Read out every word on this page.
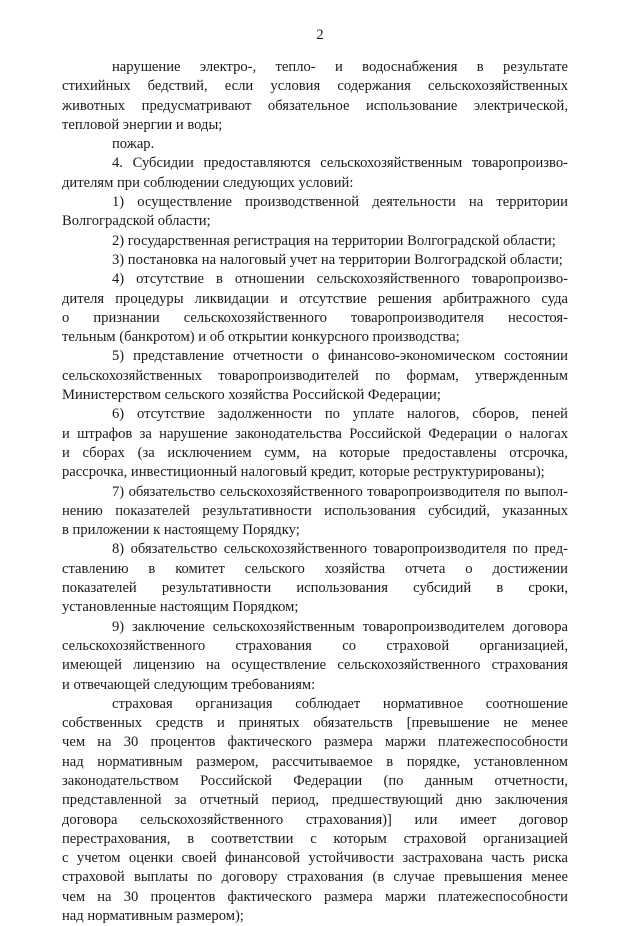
2
нарушение электро-, тепло- и водоснабжения в результате
стихийных бедствий, если условия содержания сельскохозяйственных
животных предусматривают обязательное использование электрической,
тепловой энергии и воды;
пожар.
4. Субсидии предоставляются сельскохозяйственным товаропроизво-
дителям при соблюдении следующих условий:
1) осуществление производственной деятельности на территории
Волгоградской области;
2) государственная регистрация на территории Волгоградской области;
3) постановка на налоговый учет на территории Волгоградской области;
4) отсутствие в отношении сельскохозяйственного товаропроизво-
дителя процедуры ликвидации и отсутствие решения арбитражного суда
о признании сельскохозяйственного товаропроизводителя несостоя-
тельным (банкротом) и об открытии конкурсного производства;
5) представление отчетности о финансово-экономическом состоянии
сельскохозяйственных товаропроизводителей по формам, утвержденным
Министерством сельского хозяйства Российской Федерации;
6) отсутствие задолженности по уплате налогов, сборов, пеней
и штрафов за нарушение законодательства Российской Федерации о налогах
и сборах (за исключением сумм, на которые предоставлены отсрочка,
рассрочка, инвестиционный налоговый кредит, которые реструктурированы);
7) обязательство сельскохозяйственного товаропроизводителя по выпол-
нению показателей результативности использования субсидий, указанных
в приложении к настоящему Порядку;
8) обязательство сельскохозяйственного товаропроизводителя по пред-
ставлению в комитет сельского хозяйства отчета о достижении
показателей результативности использования субсидий в сроки,
установленные настоящим Порядком;
9) заключение сельскохозяйственным товаропроизводителем договора
сельскохозяйственного страхования со страховой организацией,
имеющей лицензию на осуществление сельскохозяйственного страхования
и отвечающей следующим требованиям:
страховая организация соблюдает нормативное соотношение
собственных средств и принятых обязательств [превышение не менее
чем на 30 процентов фактического размера маржи платежеспособности
над нормативным размером, рассчитываемое в порядке, установленном
законодательством Российской Федерации (по данным отчетности,
представленной за отчетный период, предшествующий дню заключения
договора сельскохозяйственного страхования)] или имеет договор
перестрахования, в соответствии с которым страховой организацией
с учетом оценки своей финансовой устойчивости застрахована часть риска
страховой выплаты по договору страхования (в случае превышения менее
чем на 30 процентов фактического размера маржи платежеспособности
над нормативным размером);
